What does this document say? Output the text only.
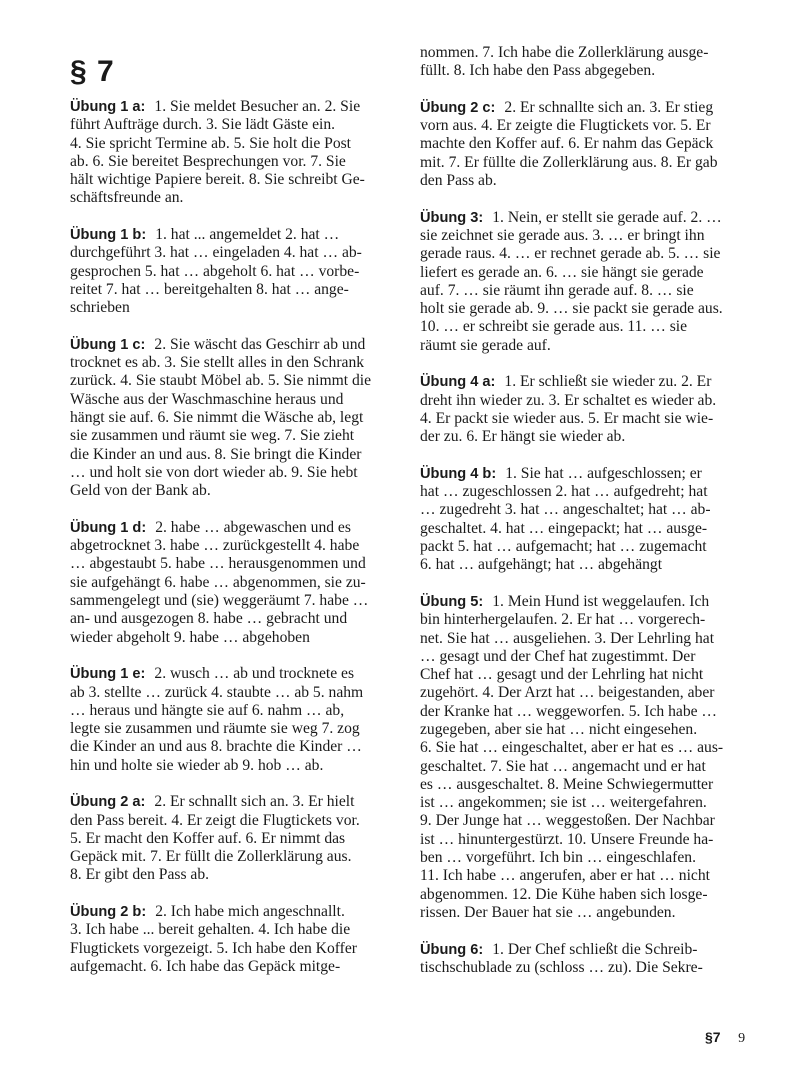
§ 7

Übung 1 a: 1. Sie meldet Besucher an. 2. Sie
führt Aufträge durch. 3. Sie lädt Gäste ein.
4. Sie spricht Termine ab. 5. Sie holt die Post
ab. 6. Sie bereitet Besprechungen vor. 7. Sie
hält wichtige Papiere bereit. 8. Sie schreibt Ge-
schäftsfreunde an.

Übung 1 b: 1. hat ... angemeldet 2. hat …
durchgeführt 3. hat … eingeladen 4. hat … ab-
gesprochen 5. hat … abgeholt 6. hat … vorbe-
reitet 7. hat … bereitgehalten 8. hat … ange-
schrieben

Übung 1 c: 2. Sie wäscht das Geschirr ab und
trocknet es ab. 3. Sie stellt alles in den Schrank
zurück. 4. Sie staubt Möbel ab. 5. Sie nimmt die
Wäsche aus der Waschmaschine heraus und
hängt sie auf. 6. Sie nimmt die Wäsche ab, legt
sie zusammen und räumt sie weg. 7. Sie zieht
die Kinder an und aus. 8. Sie bringt die Kinder
… und holt sie von dort wieder ab. 9. Sie hebt
Geld von der Bank ab.

Übung 1 d: 2. habe … abgewaschen und es
abgetrocknet 3. habe … zurückgestellt 4. habe
… abgestaubt 5. habe … herausgenommen und
sie aufgehängt 6. habe … abgenommen, sie zu-
sammengelegt und (sie) weggeräumt 7. habe …
an- und ausgezogen 8. habe … gebracht und
wieder abgeholt 9. habe … abgehoben

Übung 1 e: 2. wusch … ab und trocknete es
ab 3. stellte … zurück 4. staubte … ab 5. nahm
… heraus und hängte sie auf 6. nahm … ab,
legte sie zusammen und räumte sie weg 7. zog
die Kinder an und aus 8. brachte die Kinder …
hin und holte sie wieder ab 9. hob … ab.

Übung 2 a: 2. Er schnallt sich an. 3. Er hielt
den Pass bereit. 4. Er zeigt die Flugtickets vor.
5. Er macht den Koffer auf. 6. Er nimmt das
Gepäck mit. 7. Er füllt die Zollerklärung aus.
8. Er gibt den Pass ab.

Übung 2 b: 2. Ich habe mich angeschnallt.
3. Ich habe ... bereit gehalten. 4. Ich habe die
Flugtickets vorgezeigt. 5. Ich habe den Koffer
aufgemacht. 6. Ich habe das Gepäck mitge-

nommen. 7. Ich habe die Zollerklärung ausge-
füllt. 8. Ich habe den Pass abgegeben.

Übung 2 c: 2. Er schnallte sich an. 3. Er stieg
vorn aus. 4. Er zeigte die Flugtickets vor. 5. Er
machte den Koffer auf. 6. Er nahm das Gepäck
mit. 7. Er füllte die Zollerklärung aus. 8. Er gab
den Pass ab.

Übung 3: 1. Nein, er stellt sie gerade auf. 2. …
sie zeichnet sie gerade aus. 3. … er bringt ihn
gerade raus. 4. … er rechnet gerade ab. 5. … sie
liefert es gerade an. 6. … sie hängt sie gerade
auf. 7. … sie räumt ihn gerade auf. 8. … sie
holt sie gerade ab. 9. … sie packt sie gerade aus.
10. … er schreibt sie gerade aus. 11. … sie
räumt sie gerade auf.

Übung 4 a: 1. Er schließt sie wieder zu. 2. Er
dreht ihn wieder zu. 3. Er schaltet es wieder ab.
4. Er packt sie wieder aus. 5. Er macht sie wie-
der zu. 6. Er hängt sie wieder ab.

Übung 4 b: 1. Sie hat … aufgeschlossen; er
hat … zugeschlossen 2. hat … aufgedreht; hat
… zugedreht 3. hat … angeschaltet; hat … ab-
geschaltet. 4. hat … eingepackt; hat … ausge-
packt 5. hat … aufgemacht; hat … zugemacht
6. hat … aufgehängt; hat … abgehängt

Übung 5: 1. Mein Hund ist weggelaufen. Ich
bin hinterhergelaufen. 2. Er hat … vorgerech-
net. Sie hat … ausgeliehen. 3. Der Lehrling hat
… gesagt und der Chef hat zugestimmt. Der
Chef hat … gesagt und der Lehrling hat nicht
zugehört. 4. Der Arzt hat … beigestanden, aber
der Kranke hat … weggeworfen. 5. Ich habe …
zugegeben, aber sie hat … nicht eingesehen.
6. Sie hat … eingeschaltet, aber er hat es … aus-
geschaltet. 7. Sie hat … angemacht und er hat
es … ausgeschaltet. 8. Meine Schwiegermutter
ist … angekommen; sie ist … weitergefahren.
9. Der Junge hat … weggestoßen. Der Nachbar
ist … hinuntergestürzt. 10. Unsere Freunde ha-
ben … vorgeführt. Ich bin … eingeschlafen.
11. Ich habe … angerufen, aber er hat … nicht
abgenommen. 12. Die Kühe haben sich losge-
rissen. Der Bauer hat sie … angebunden.

Übung 6: 1. Der Chef schließt die Schreib-
tischschublade zu (schloss … zu). Die Sekre-

§7 9
